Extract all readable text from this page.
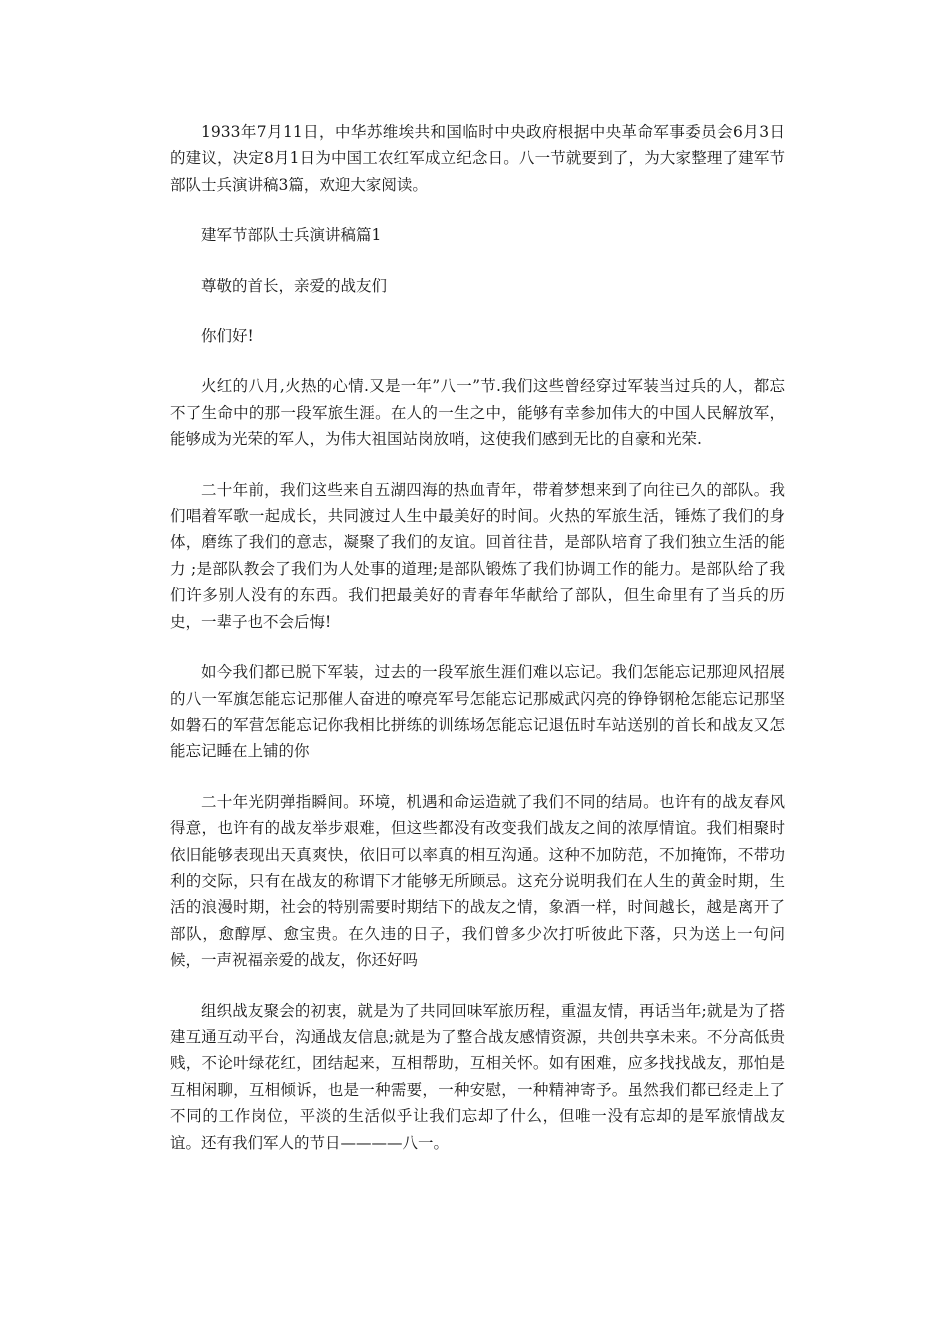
1933年7月11日，中华苏维埃共和国临时中央政府根据中央革命军事委员会6月3日的建议，决定8月1日为中国工农红军成立纪念日。八一节就要到了，为大家整理了建军节部队士兵演讲稿3篇，欢迎大家阅读。

建军节部队士兵演讲稿篇1

尊敬的首长，亲爱的战友们

你们好!

火红的八月,火热的心情.又是一年”八一”节.我们这些曾经穿过军装当过兵的人，都忘不了生命中的那一段军旅生涯。在人的一生之中，能够有幸参加伟大的中国人民解放军，能够成为光荣的军人，为伟大祖国站岗放哨，这使我们感到无比的自豪和光荣.

二十年前，我们这些来自五湖四海的热血青年，带着梦想来到了向往已久的部队。我们唱着军歌一起成长，共同渡过人生中最美好的时间。火热的军旅生活，锤炼了我们的身体，磨练了我们的意志，凝聚了我们的友谊。回首往昔，是部队培育了我们独立生活的能力 ;是部队教会了我们为人处事的道理;是部队锻炼了我们协调工作的能力。是部队给了我们许多别人没有的东西。我们把最美好的青春年华献给了部队，但生命里有了当兵的历史，一辈子也不会后悔!

如今我们都已脱下军装，过去的一段军旅生涯们难以忘记。我们怎能忘记那迎风招展的八一军旗怎能忘记那催人奋进的嘹亮军号怎能忘记那威武闪亮的铮铮钢枪怎能忘记那坚如磐石的军营怎能忘记你我相比拼练的训练场怎能忘记退伍时车站送别的首长和战友又怎能忘记睡在上铺的你

二十年光阴弹指瞬间。环境，机遇和命运造就了我们不同的结局。也许有的战友春风得意，也许有的战友举步艰难，但这些都没有改变我们战友之间的浓厚情谊。我们相聚时依旧能够表现出天真爽快，依旧可以率真的相互沟通。这种不加防范，不加掩饰，不带功利的交际，只有在战友的称谓下才能够无所顾忌。这充分说明我们在人生的黄金时期，生活的浪漫时期，社会的特别需要时期结下的战友之情，象酒一样，时间越长，越是离开了部队，愈醇厚、愈宝贵。在久违的日子，我们曾多少次打听彼此下落，只为送上一句问候，一声祝福亲爱的战友，你还好吗

组织战友聚会的初衷，就是为了共同回味军旅历程，重温友情，再话当年;就是为了搭建互通互动平台，沟通战友信息;就是为了整合战友感情资源，共创共享未来。不分高低贵贱，不论叶绿花红，团结起来，互相帮助，互相关怀。如有困难，应多找找战友，那怕是互相闲聊，互相倾诉，也是一种需要，一种安慰，一种精神寄予。虽然我们都已经走上了不同的工作岗位，平淡的生活似乎让我们忘却了什么，但唯一没有忘却的是军旅情战友谊。还有我们军人的节日————八一。
